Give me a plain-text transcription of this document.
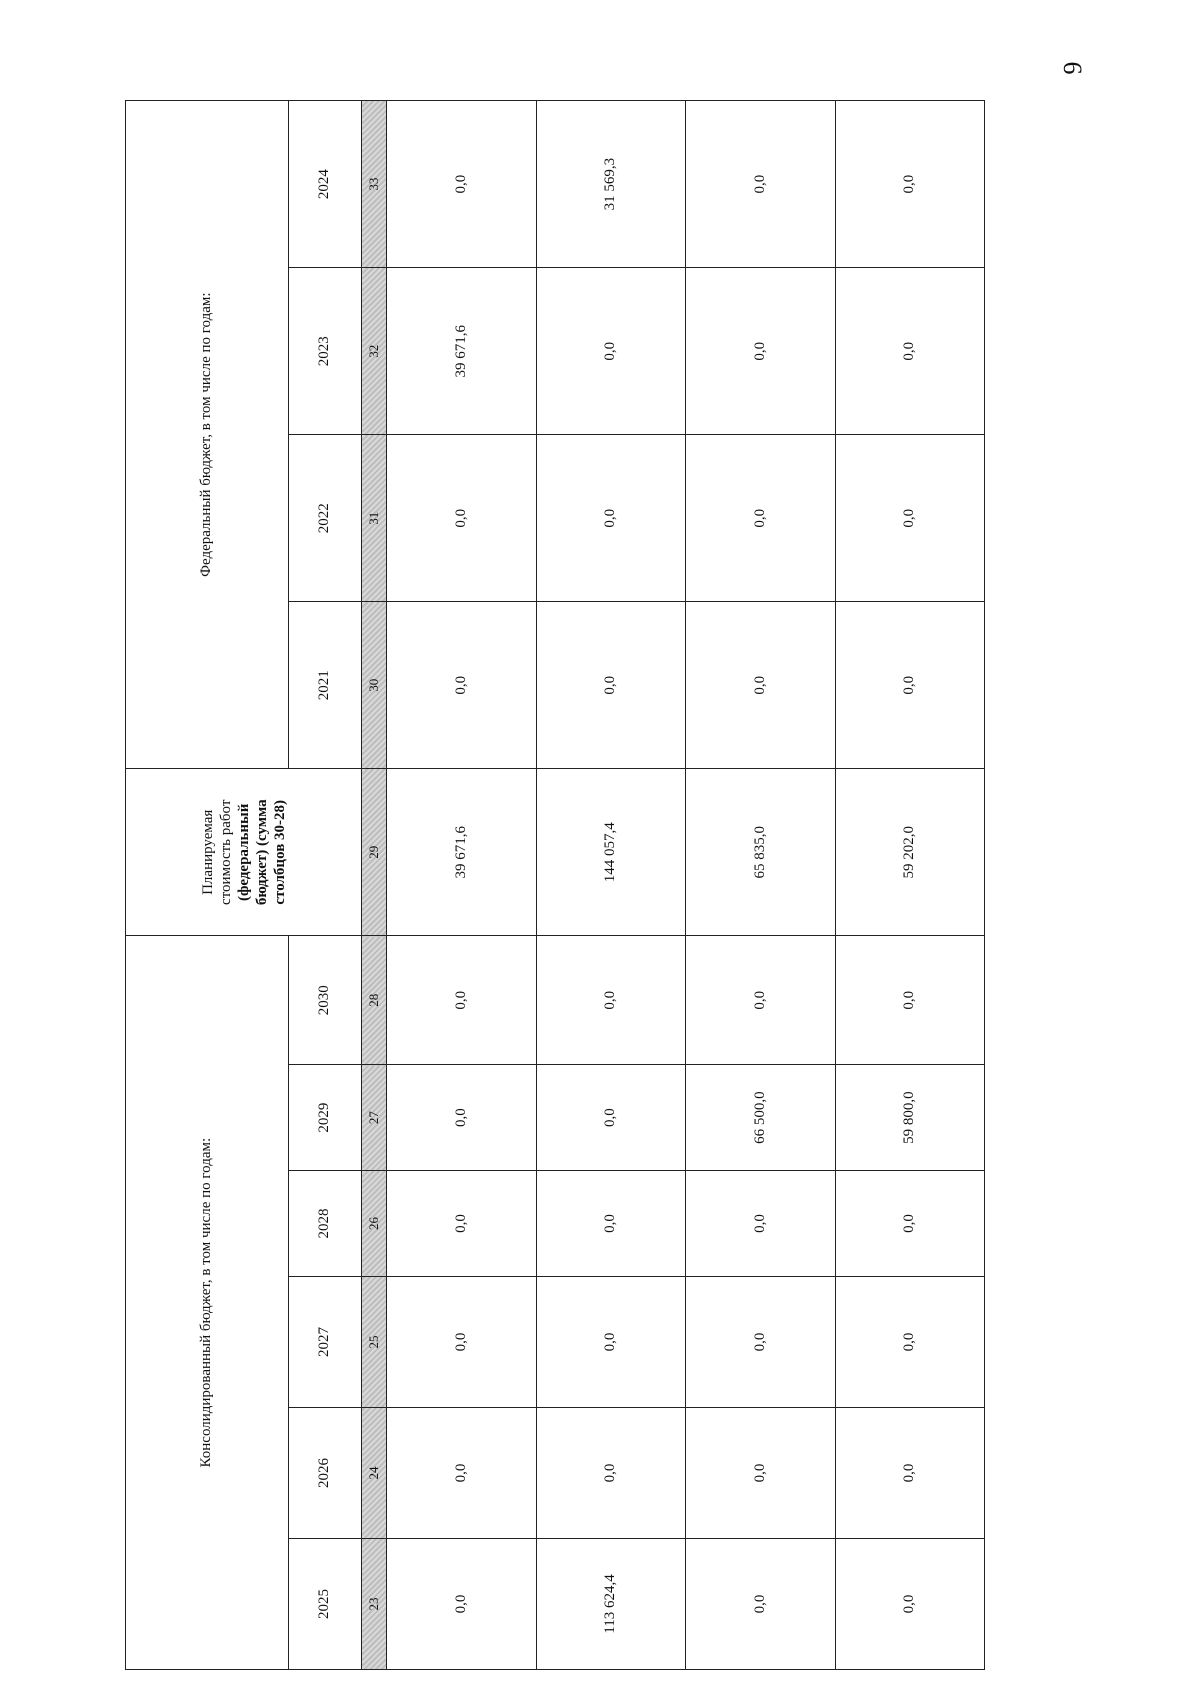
6
Консолидированный бюджет, в том числе по годам:						Планируемая стоимость работ (федеральный бюджет) (сумма столбцов 30-28)	Федеральный бюджет, в том числе по годам:			
2025	2026	2027	2028	2029	2030		2021	2022	2023	2024
23	24	25	26	27	28	29	30	31	32	33
0,0	0,0	0,0	0,0	0,0	0,0	39 671,6	0,0	0,0	39 671,6	0,0
113 624,4	0,0	0,0	0,0	0,0	0,0	144 057,4	0,0	0,0	0,0	31 569,3
0,0	0,0	0,0	0,0	66 500,0	0,0	65 835,0	0,0	0,0	0,0	0,0
0,0	0,0	0,0	0,0	59 800,0	0,0	59 202,0	0,0	0,0	0,0	0,0
